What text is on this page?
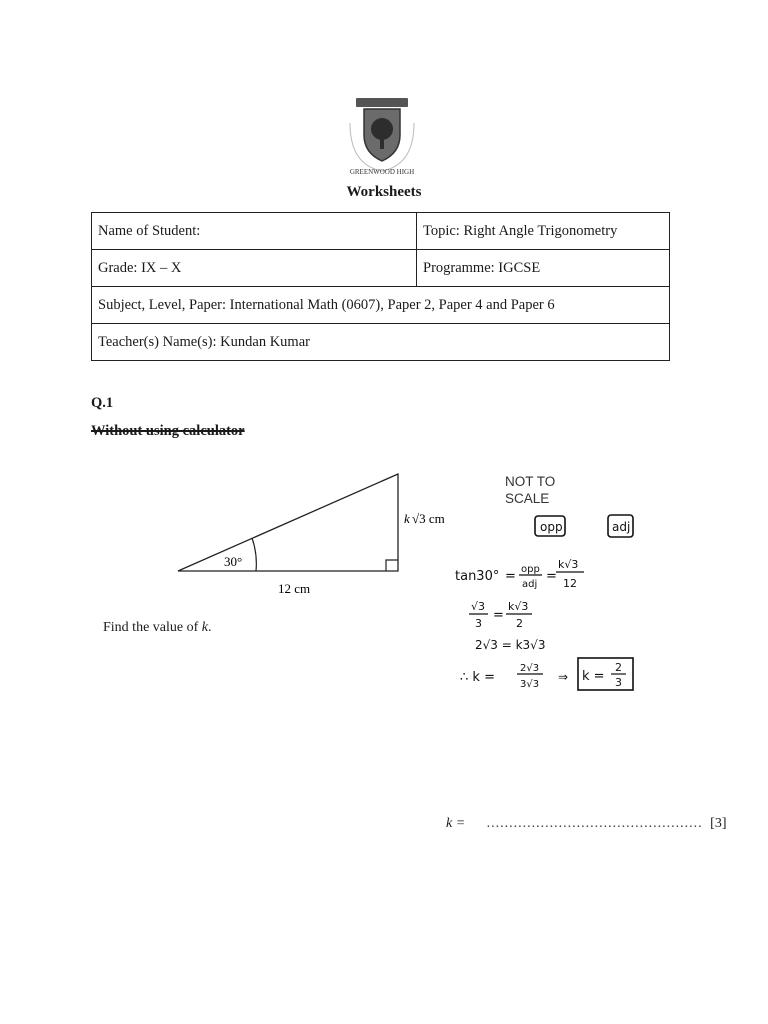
GREENWOOD HIGH
Worksheets
Name of Student:	Topic: Right Angle Trigonometry
Grade: IX – X	Programme: IGCSE
Subject, Level, Paper: International Math (0607), Paper 2, Paper 4 and Paper 6	
Teacher(s) Name(s): Kundan Kumar	
Q.1
Without using calculator
30°
12 cm
k √3 cm
NOT TO
SCALE
Find the value of k.
opp	adj
tan30° = opp
adj
=
k√3
12
√3
3
=
k√3
2
2√3 = k3√3
∴ k =
2√3
3√3
⇒ k =
2
3
k = ................................................ [3]
